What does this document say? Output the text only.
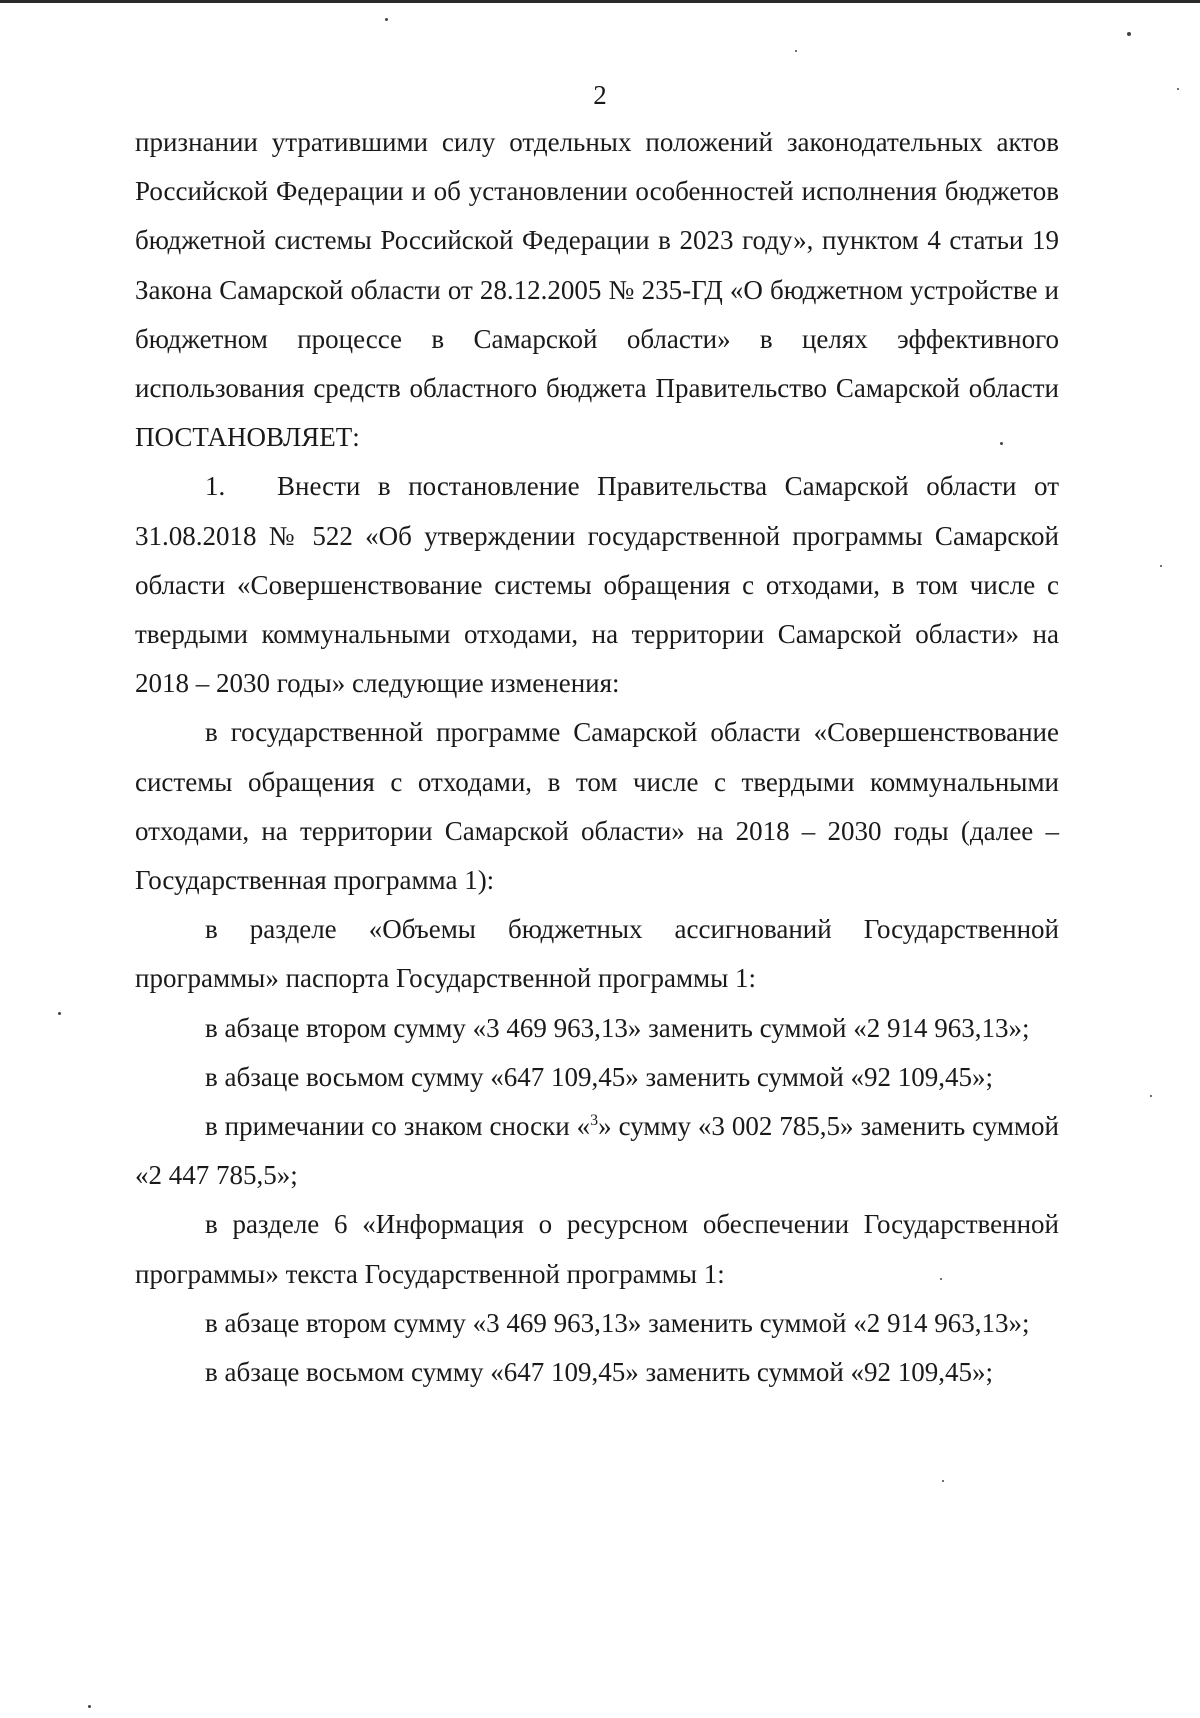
2

признании утратившими силу отдельных положений законодательных актов Российской Федерации и об установлении особенностей исполнения бюджетов бюджетной системы Российской Федерации в 2023 году», пунктом 4 статьи 19 Закона Самарской области от 28.12.2005 № 235-ГД «О бюджетном устройстве и бюджетном процессе в Самарской области» в целях эффективного использования средств областного бюджета Правительство Самарской области ПОСТАНОВЛЯЕТ:

1. Внести в постановление Правительства Самарской области от 31.08.2018 № 522 «Об утверждении государственной программы Самарской области «Совершенствование системы обращения с отходами, в том числе с твердыми коммунальными отходами, на территории Самарской области» на 2018 – 2030 годы» следующие изменения:

в государственной программе Самарской области «Совершенствование системы обращения с отходами, в том числе с твердыми коммунальными отходами, на территории Самарской области» на 2018 – 2030 годы (далее – Государственная программа 1):

в разделе «Объемы бюджетных ассигнований Государственной программы» паспорта Государственной программы 1:

в абзаце втором сумму «3 469 963,13» заменить суммой «2 914 963,13»;

в абзаце восьмом сумму «647 109,45» заменить суммой «92 109,45»;

в примечании со знаком сноски «$^3$» сумму «3 002 785,5» заменить суммой «2 447 785,5»;

в разделе 6 «Информация о ресурсном обеспечении Государственной программы» текста Государственной программы 1:

в абзаце втором сумму «3 469 963,13» заменить суммой «2 914 963,13»;

в абзаце восьмом сумму «647 109,45» заменить суммой «92 109,45»;
